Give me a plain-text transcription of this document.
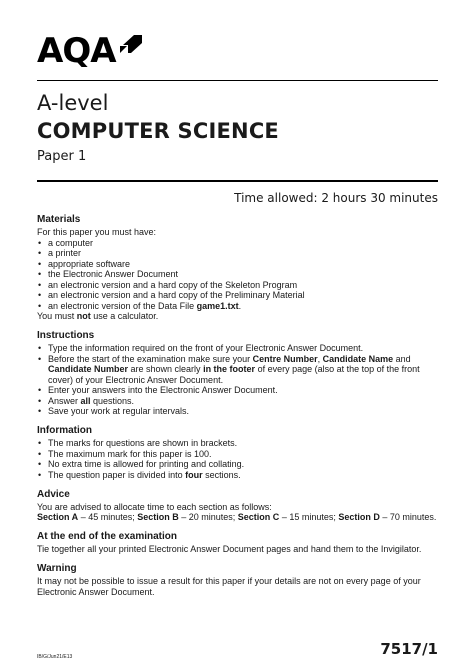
AQA
A-level
COMPUTER SCIENCE
Paper 1
Time allowed: 2 hours 30 minutes

Materials

For this paper you must have:

• a computer
• a printer
• appropriate software
• the Electronic Answer Document
• an electronic version and a hard copy of the Skeleton Program
• an electronic version and a hard copy of the Preliminary Material
• an electronic version of the Data File game1.txt.

You must not use a calculator.

Instructions

• Type the information required on the front of your Electronic Answer Document.
• Before the start of the examination make sure your Centre Number, Candidate Name and Candidate Number are shown clearly in the footer of every page (also at the top of the front cover) of your Electronic Answer Document.
• Enter your answers into the Electronic Answer Document.
• Answer all questions.
• Save your work at regular intervals.

Information

• The marks for questions are shown in brackets.
• The maximum mark for this paper is 100.
• No extra time is allowed for printing and collating.
• The question paper is divided into four sections.

Advice

You are advised to allocate time to each section as follows:

Section A – 45 minutes; Section B – 20 minutes; Section C – 15 minutes; Section D – 70 minutes.

At the end of the examination

Tie together all your printed Electronic Answer Document pages and hand them to the Invigilator.

Warning

It may not be possible to issue a result for this paper if your details are not on every page of your Electronic Answer Document.

IB/G/Jun21/E13	7517/1
